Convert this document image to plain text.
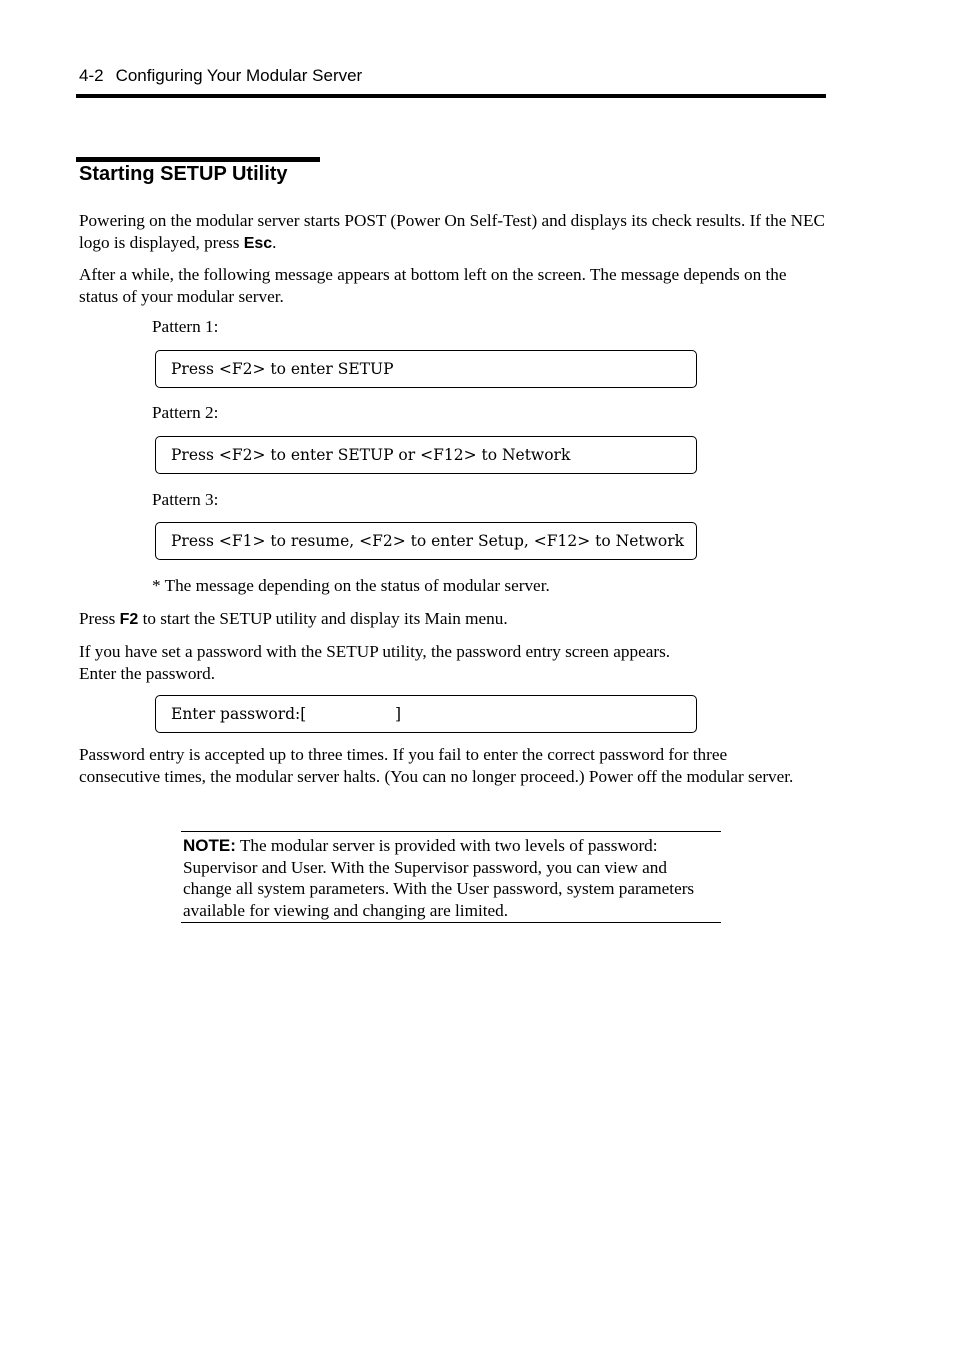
4-2 Configuring Your Modular Server
Starting SETUP Utility
Powering on the modular server starts POST (Power On Self-Test) and displays its check results. If the NEC logo is displayed, press Esc.
After a while, the following message appears at bottom left on the screen. The message depends on the status of your modular server.
Pattern 1:
Press <F2> to enter SETUP
Pattern 2:
Press <F2> to enter SETUP or <F12> to Network
Pattern 3:
Press <F1> to resume, <F2> to enter Setup, <F12> to Network
* The message depending on the status of modular server.
Press F2 to start the SETUP utility and display its Main menu.
If you have set a password with the SETUP utility, the password entry screen appears.
Enter the password.
Enter password:[                  ]
Password entry is accepted up to three times. If you fail to enter the correct password for three consecutive times, the modular server halts. (You can no longer proceed.) Power off the modular server.
NOTE: The modular server is provided with two levels of password: Supervisor and User. With the Supervisor password, you can view and change all system parameters. With the User password, system parameters available for viewing and changing are limited.
